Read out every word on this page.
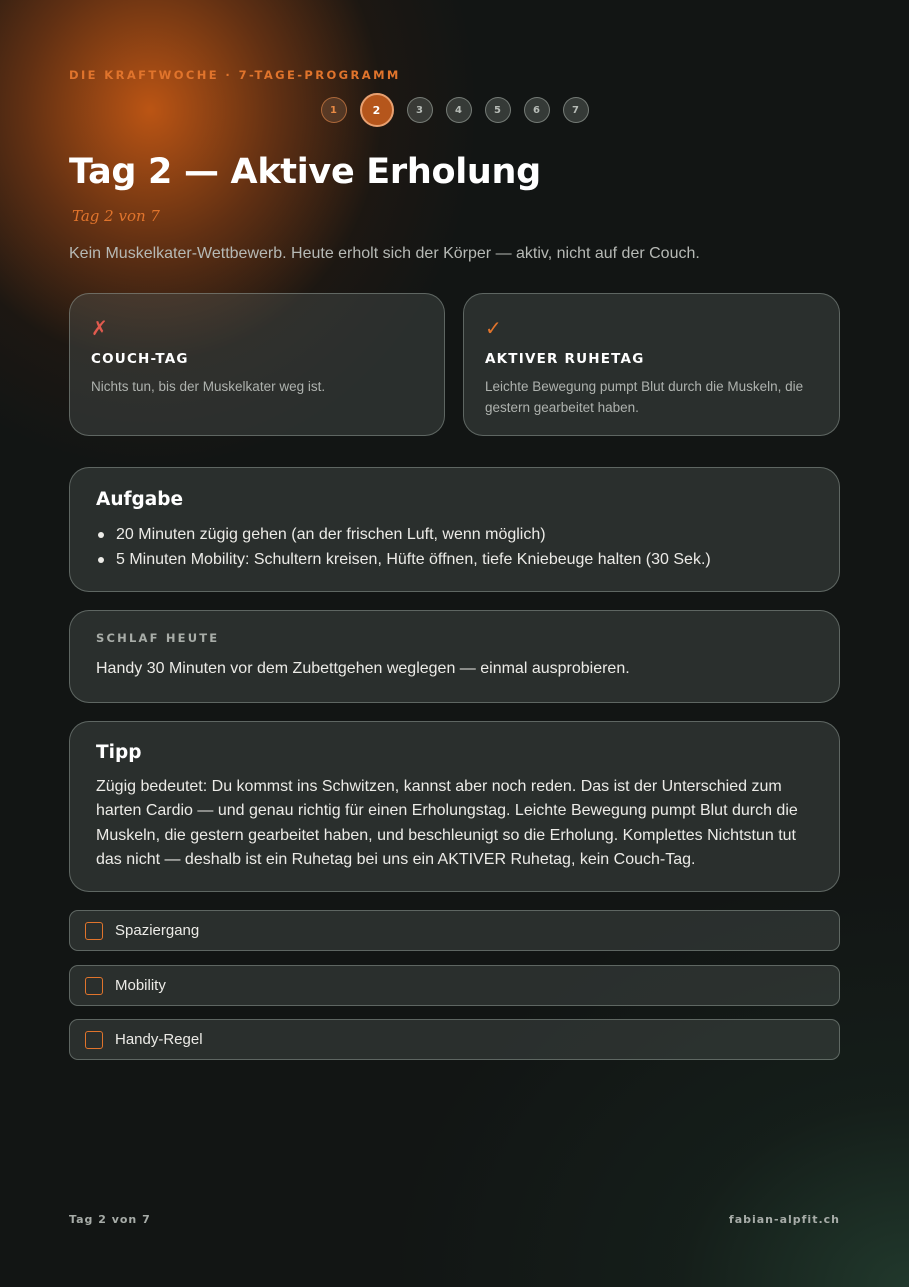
DIE KRAFTWOCHE · 7-TAGE-PROGRAMM
1	2	3	4	5	6	7
Tag 2 — Aktive Erholung
Tag 2 von 7

Kein Muskelkater-Wettbewerb. Heute erholt sich der Körper — aktiv, nicht auf der Couch.

✗
COUCH-TAG
Nichts tun, bis der Muskelkater weg ist.
✓
AKTIVER RUHETAG
Leichte Bewegung pumpt Blut durch die Muskeln, die gestern gearbeitet haben.
Aufgabe
20 Minuten zügig gehen (an der frischen Luft, wenn möglich)
5 Minuten Mobility: Schultern kreisen, Hüfte öffnen, tiefe Kniebeuge halten (30 Sek.)
SCHLAF HEUTE
Handy 30 Minuten vor dem Zubettgehen weglegen — einmal ausprobieren.
Tipp

Zügig bedeutet: Du kommst ins Schwitzen, kannst aber noch reden. Das ist der Unterschied zum harten Cardio — und genau richtig für einen Erholungstag. Leichte Bewegung pumpt Blut durch die Muskeln, die gestern gearbeitet haben, und beschleunigt so die Erholung. Komplettes Nichtstun tut das nicht — deshalb ist ein Ruhetag bei uns ein AKTIVER Ruhetag, kein Couch-Tag.

Spaziergang
Mobility
Handy-Regel
Tag 2 von 7	fabian-alpfit.ch
